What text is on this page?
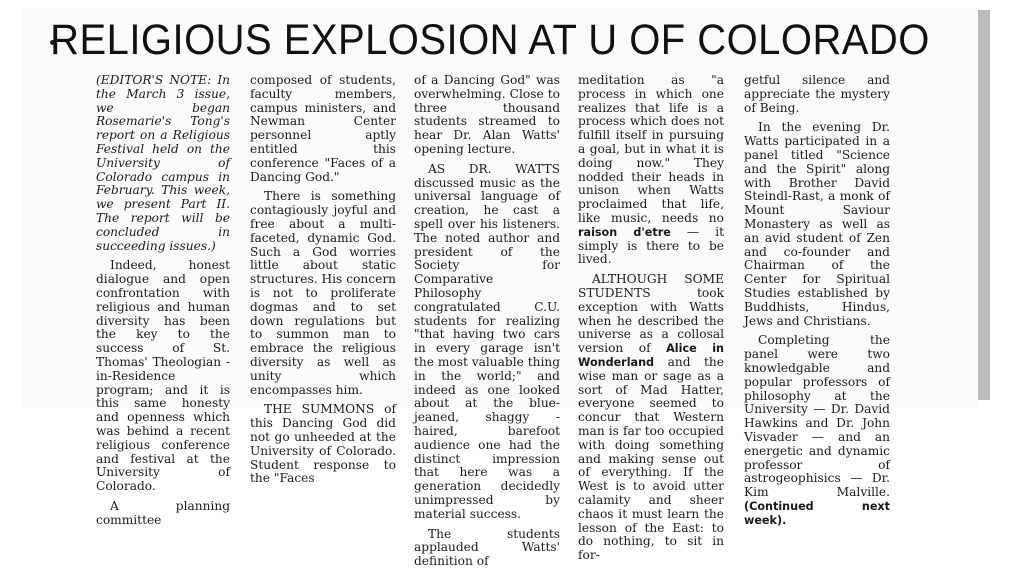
RELIGIOUS EXPLOSION AT U OF COLORADO

(EDITOR'S NOTE: In the March 3 issue, we began Rosemarie's Tong's report on a Religious Festival held on the University of Colorado campus in February. This week, we present Part II. The report will be concluded in succeeding issues.)

Indeed, honest dialogue and open confrontation with religious and human diversity has been the key to the success of St. Thomas' Theologian - in-Residence program; and it is this same honesty and openness which was behind a recent religious conference and festival at the University of Colorado.

A planning committee

composed of students, faculty members, campus ministers, and Newman Center personnel aptly entitled this conference "Faces of a Dancing God."

There is something contagiously joyful and free about a multi-faceted, dynamic God. Such a God worries little about static structures. His concern is not to proliferate dogmas and to set down regulations but to summon man to embrace the religious diversity as well as unity which encompasses him.

THE SUMMONS of this Dancing God did not go unheeded at the University of Colorado. Student response to the "Faces

of a Dancing God" was overwhelming. Close to three thousand students streamed to hear Dr. Alan Watts' opening lecture.

AS DR. WATTS discussed music as the universal language of creation, he cast a spell over his listeners. The noted author and president of the Society for Comparative Philosophy congratulated C.U. students for realizing "that having two cars in every garage isn't the most valuable thing in the world;" and indeed as one looked about at the blue-jeaned, shaggy - haired, barefoot audience one had the distinct impression that here was a generation decidedly unimpressed by material success.

The students applauded Watts' definition of

meditation as "a process in which one realizes that life is a process which does not fulfill itself in pursuing a goal, but in what it is doing now." They nodded their heads in unison when Watts proclaimed that life, like music, needs no raison d'etre — it simply is there to be lived.

ALTHOUGH SOME STUDENTS took exception with Watts when he described the universe as a collosal version of Alice in Wonderland and the wise man or sage as a sort of Mad Hatter, everyone seemed to concur that Western man is far too occupied with doing something and making sense out of everything. If the West is to avoid utter calamity and sheer chaos it must learn the lesson of the East: to do nothing, to sit in for-

getful silence and appreciate the mystery of Being.

In the evening Dr. Watts participated in a panel titled "Science and the Spirit" along with Brother David Steindl-Rast, a monk of Mount Saviour Monastery as well as an avid student of Zen and co-founder and Chairman of the Center for Spiritual Studies established by Buddhists, Hindus, Jews and Christians.

Completing the panel were two knowledgable and popular professors of philosophy at the University — Dr. David Hawkins and Dr. John Visvader — and an energetic and dynamic professor of astrogeophisics — Dr. Kim Malville. (Continued next week).
